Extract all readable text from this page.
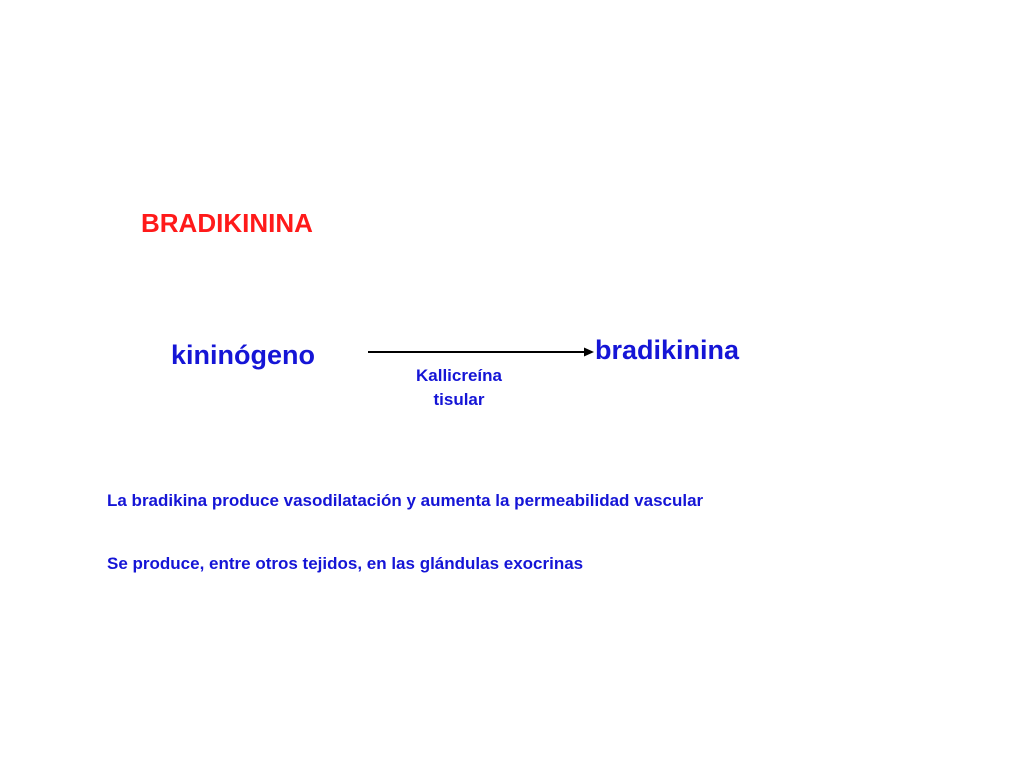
BRADIKININA
kininógeno	bradikinina
Kallicreína
tisular

La bradikina produce vasodilatación y aumenta la permeabilidad vascular

Se produce, entre otros tejidos, en las glándulas exocrinas
